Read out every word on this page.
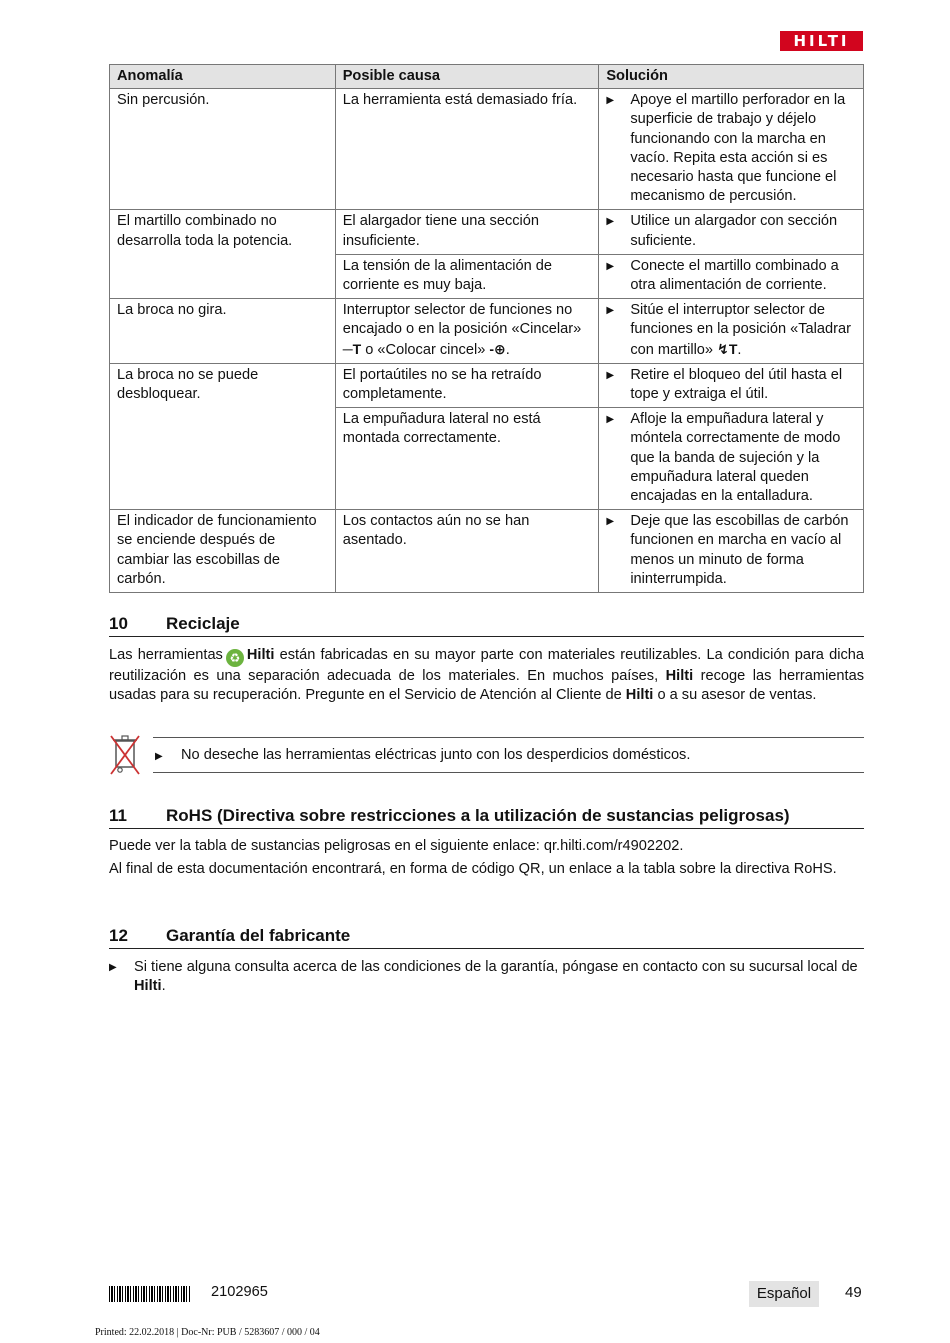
HILTI
Anomalía	Posible causa	Solución
Sin percusión.	La herramienta está demasiado fría.	▶ Apoye el martillo perforador en la superficie de trabajo y déjelo funcionando con la marcha en vacío. Repita esta acción si es necesario hasta que funcione el mecanismo de percusión.

El martillo combinado no desarrolla toda la potencia.	El alargador tiene una sección insuficiente.	▶ Utilice un alargador con sección suficiente.

	La tensión de la alimentación de corriente es muy baja.	▶ Conecte el martillo combinado a otra alimentación de corriente.

La broca no gira.	Interruptor selector de funciones no encajado o en la posición «Cincelar» ─​T o «Colocar cincel» -⊕.	▶ Sitúe el interruptor selector de funciones en la posición «Taladrar con martillo» ↯T.

La broca no se puede desbloquear.	El portaútiles no se ha retraído completamente.	▶ Retire el bloqueo del útil hasta el tope y extraiga el útil.

	La empuñadura lateral no está montada correctamente.	▶ Afloje la empuñadura lateral y móntela correctamente de modo que la banda de sujeción y la empuñadura lateral queden encajadas en la entalladura.

El indicador de funcionamiento se enciende después de cambiar las escobillas de carbón.	Los contactos aún no se han asentado.	▶ Deje que las escobillas de carbón funcionen en marcha en vacío al menos un minuto de forma ininterrumpida.
10 Reciclaje
Las herramientas ♻ Hilti están fabricadas en su mayor parte con materiales reutilizables. La condición para dicha reutilización es una separación adecuada de los materiales. En muchos países, Hilti recoge las herramientas usadas para su recuperación. Pregunte en el Servicio de Atención al Cliente de Hilti o a su asesor de ventas.
▶ No deseche las herramientas eléctricas junto con los desperdicios domésticos.
11 RoHS (Directiva sobre restricciones a la utilización de sustancias peligrosas)
Puede ver la tabla de sustancias peligrosas en el siguiente enlace: qr.hilti.com/r4902202.
Al final de esta documentación encontrará, en forma de código QR, un enlace a la tabla sobre la directiva RoHS.
12 Garantía del fabricante
▶	Si tiene alguna consulta acerca de las condiciones de la garantía, póngase en contacto con su sucursal local de Hilti.
2102965	Español	49
Printed: 22.02.2018 | Doc-Nr: PUB / 5283607 / 000 / 04
